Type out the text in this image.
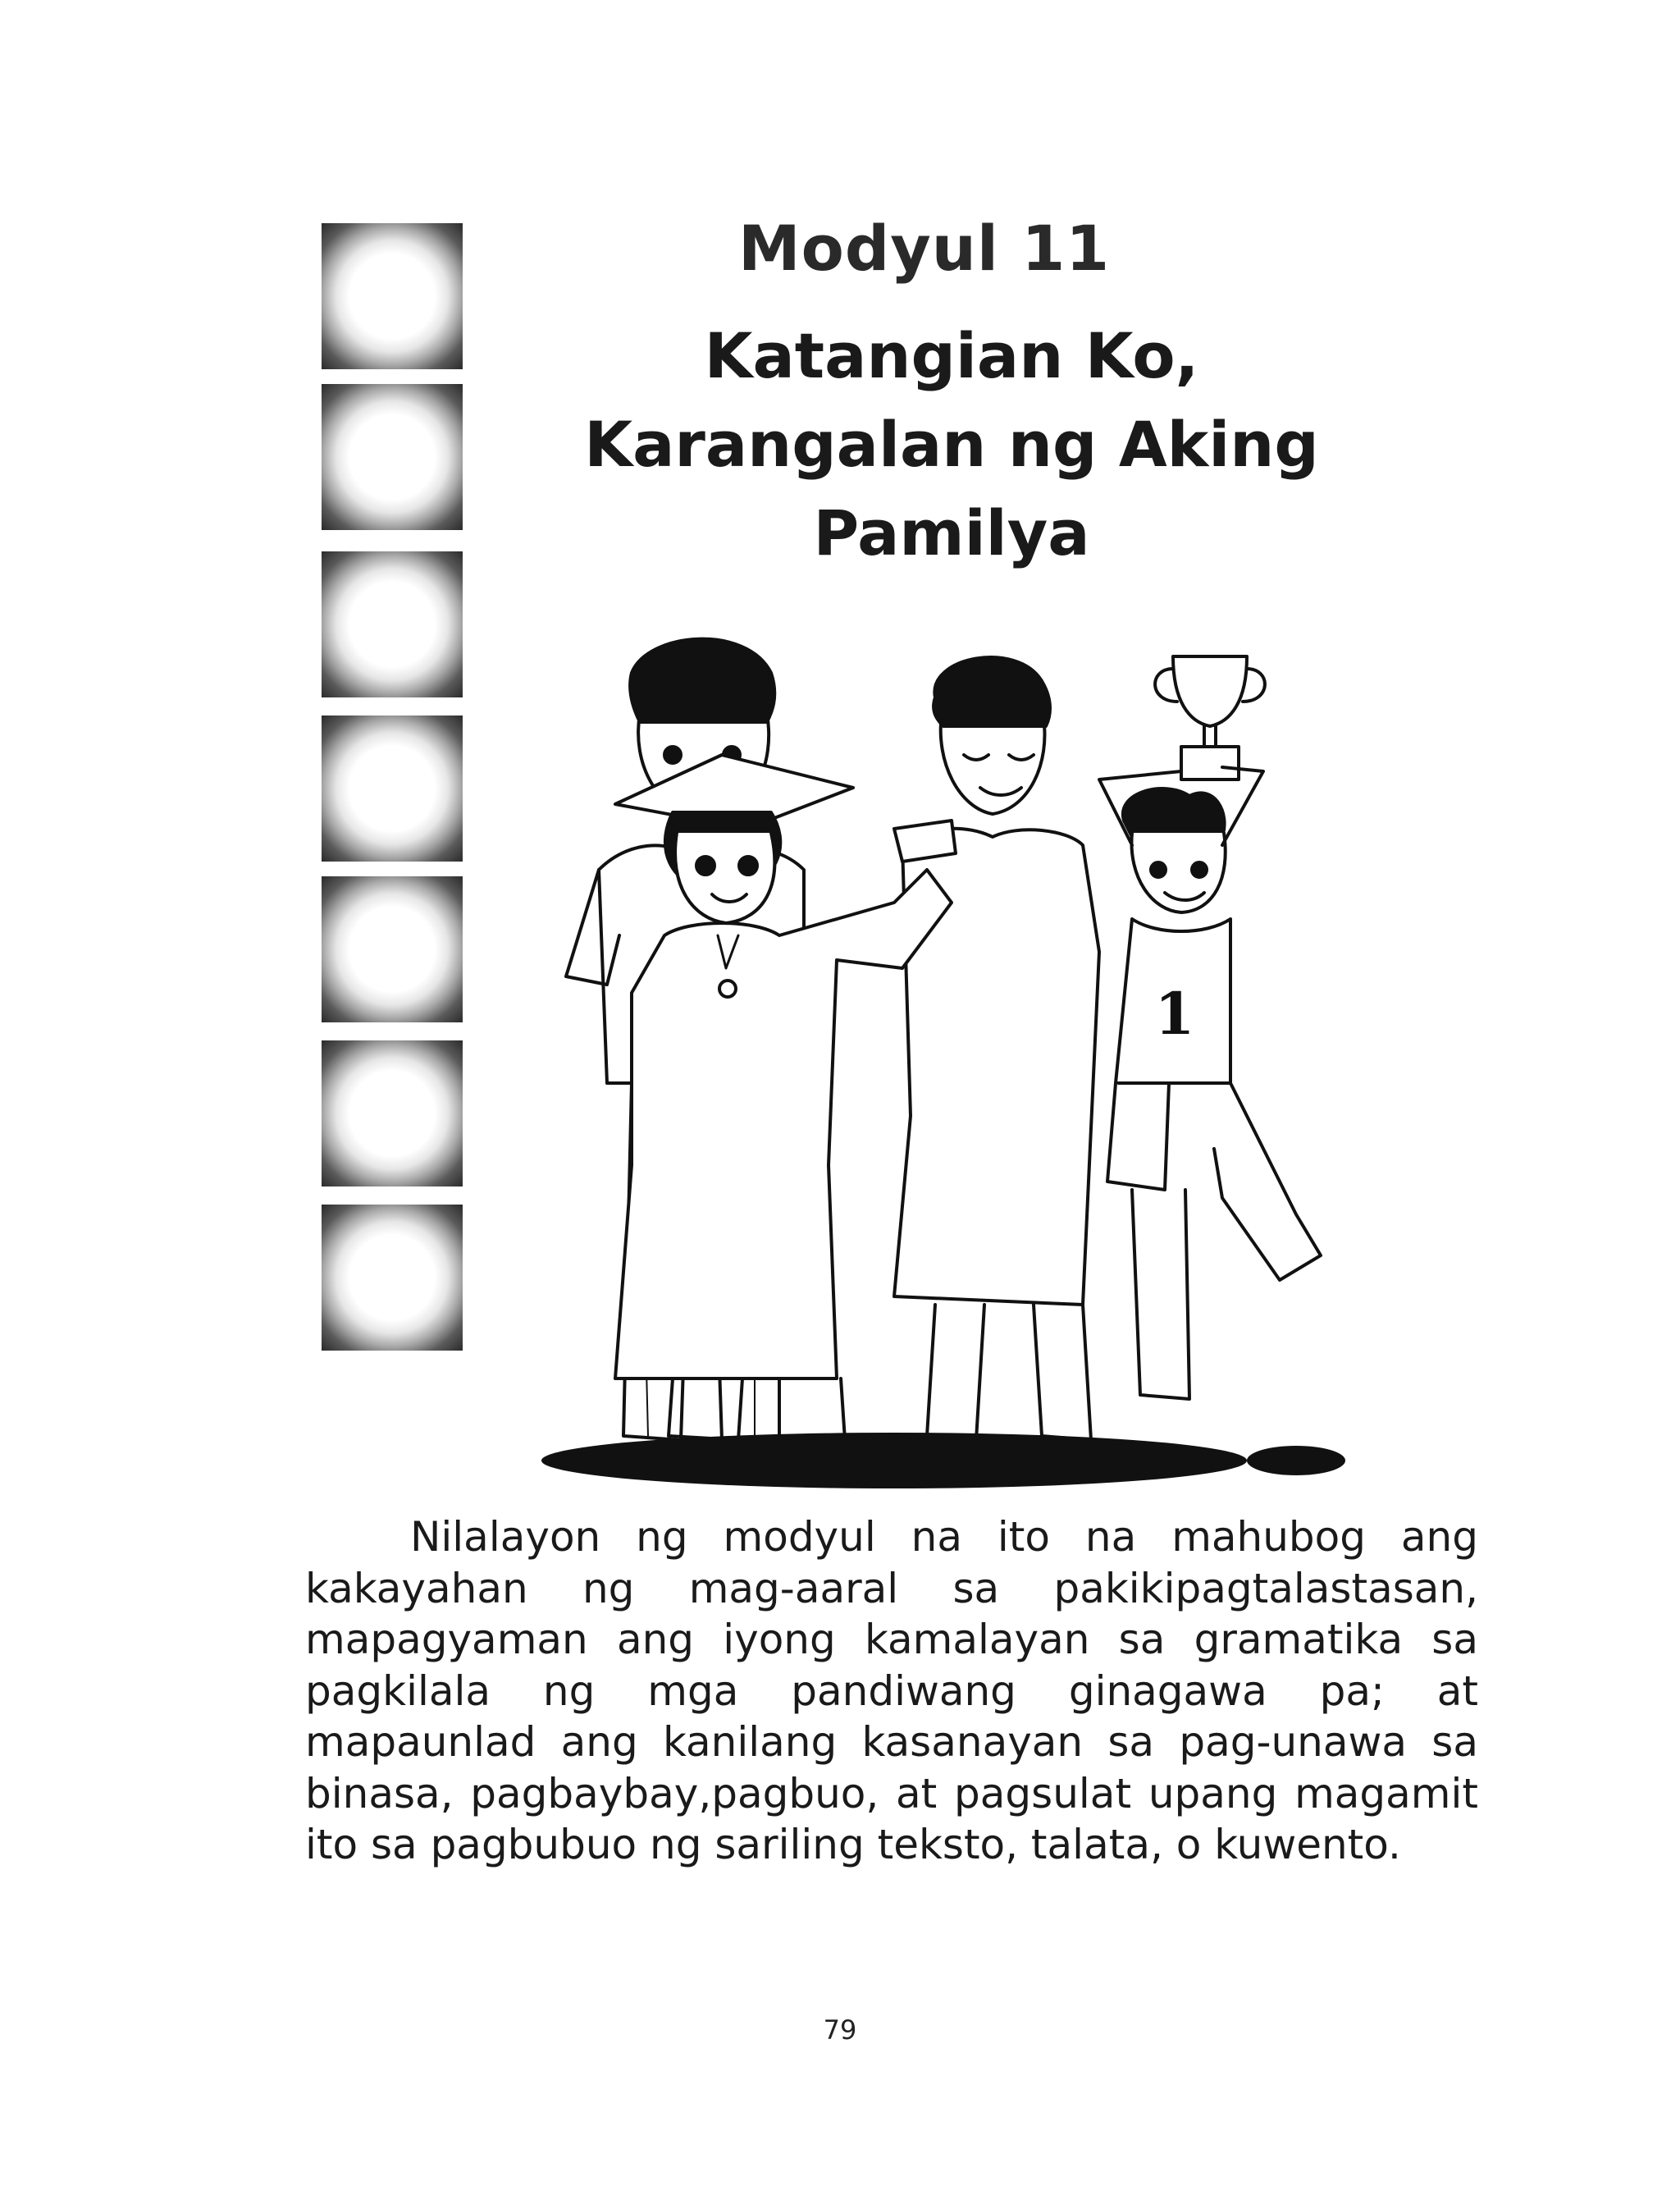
Modyul 11
Katangian Ko,
Karangalan ng Aking
Pamilya
1

Nilalayon ng modyul na ito na mahubog ang kakayahan ng mag-aaral sa pakikipagtalastasan, mapagyaman ang iyong kamalayan sa gramatika sa pagkilala ng mga pandiwang ginagawa pa; at mapaunlad ang kanilang kasanayan sa pag-unawa sa binasa, pagbaybay,pagbuo, at pagsulat upang magamit ito sa pagbubuo ng sariling teksto, talata, o kuwento.

79
